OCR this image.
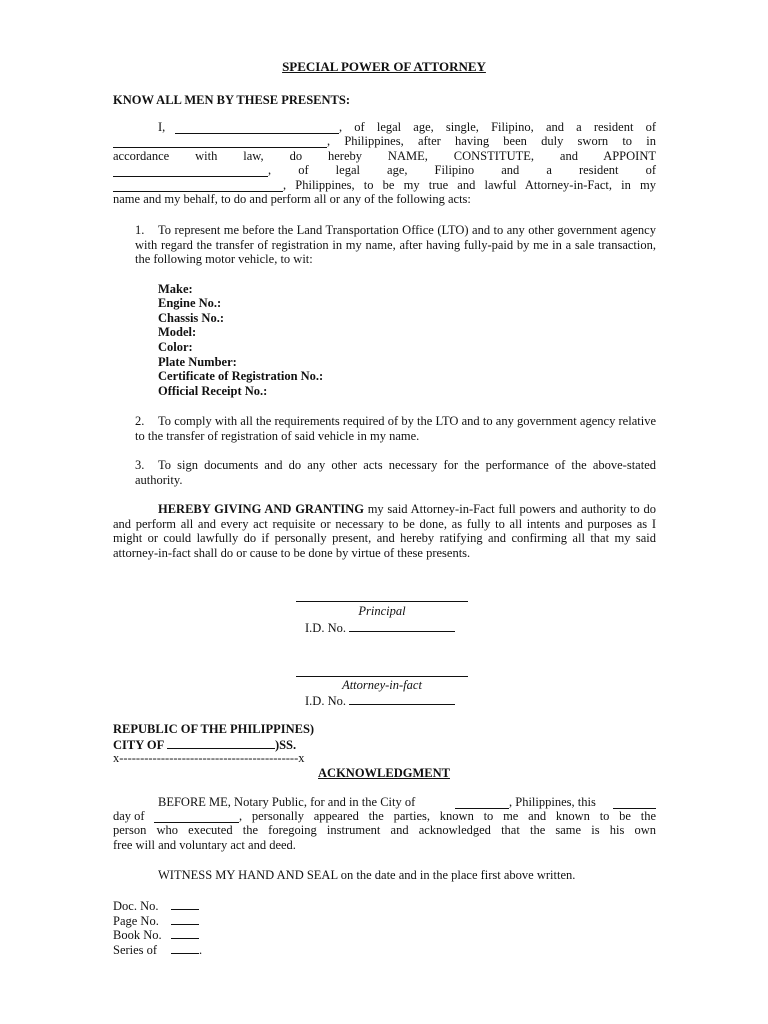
SPECIAL POWER OF ATTORNEY
KNOW ALL MEN BY THESE PRESENTS:
I,	, of legal age, single, Filipino, and a resident of
, Philippines, after having been duly sworn to in
accordance with law, do hereby NAME, CONSTITUTE, and APPOINT
, of legal age, Filipino and a resident of
, Philippines, to be my true and lawful Attorney-in-Fact, in my
name and my behalf, to do and perform all or any of the following acts:
1. To represent me before the Land Transportation Office (LTO) and to any other government agency with regard the transfer of registration in my name, after having fully-paid by me in a sale transaction, the following motor vehicle, to wit:
Make:
Engine No.:
Chassis No.:
Model:
Color:
Plate Number:
Certificate of Registration No.:
Official Receipt No.:
2. To comply with all the requirements required of by the LTO and to any government agency relative to the transfer of registration of said vehicle in my name.
3. To sign documents and do any other acts necessary for the performance of the above-stated authority.
HEREBY GIVING AND GRANTING my said Attorney-in-Fact full powers and authority to do and perform all and every act requisite or necessary to be done, as fully to all intents and purposes as I might or could lawfully do if personally present, and hereby ratifying and confirming all that my said attorney-in-fact shall do or cause to be done by virtue of these presents.
Principal
I.D. No.
Attorney-in-fact
I.D. No.
REPUBLIC OF THE PHILIPPINES)
CITY OF	)SS.
x-------------------------------------------x
ACKNOWLEDGMENT
BEFORE ME, Notary Public, for and in the City of	, Philippines, this
day of	, personally appeared the parties, known to me and known to be the
person who executed the foregoing instrument and acknowledged that the same is his own
free will and voluntary act and deed.
WITNESS MY HAND AND SEAL on the date and in the place first above written.
Doc. No.
Page No.
Book No.
Series of	.
